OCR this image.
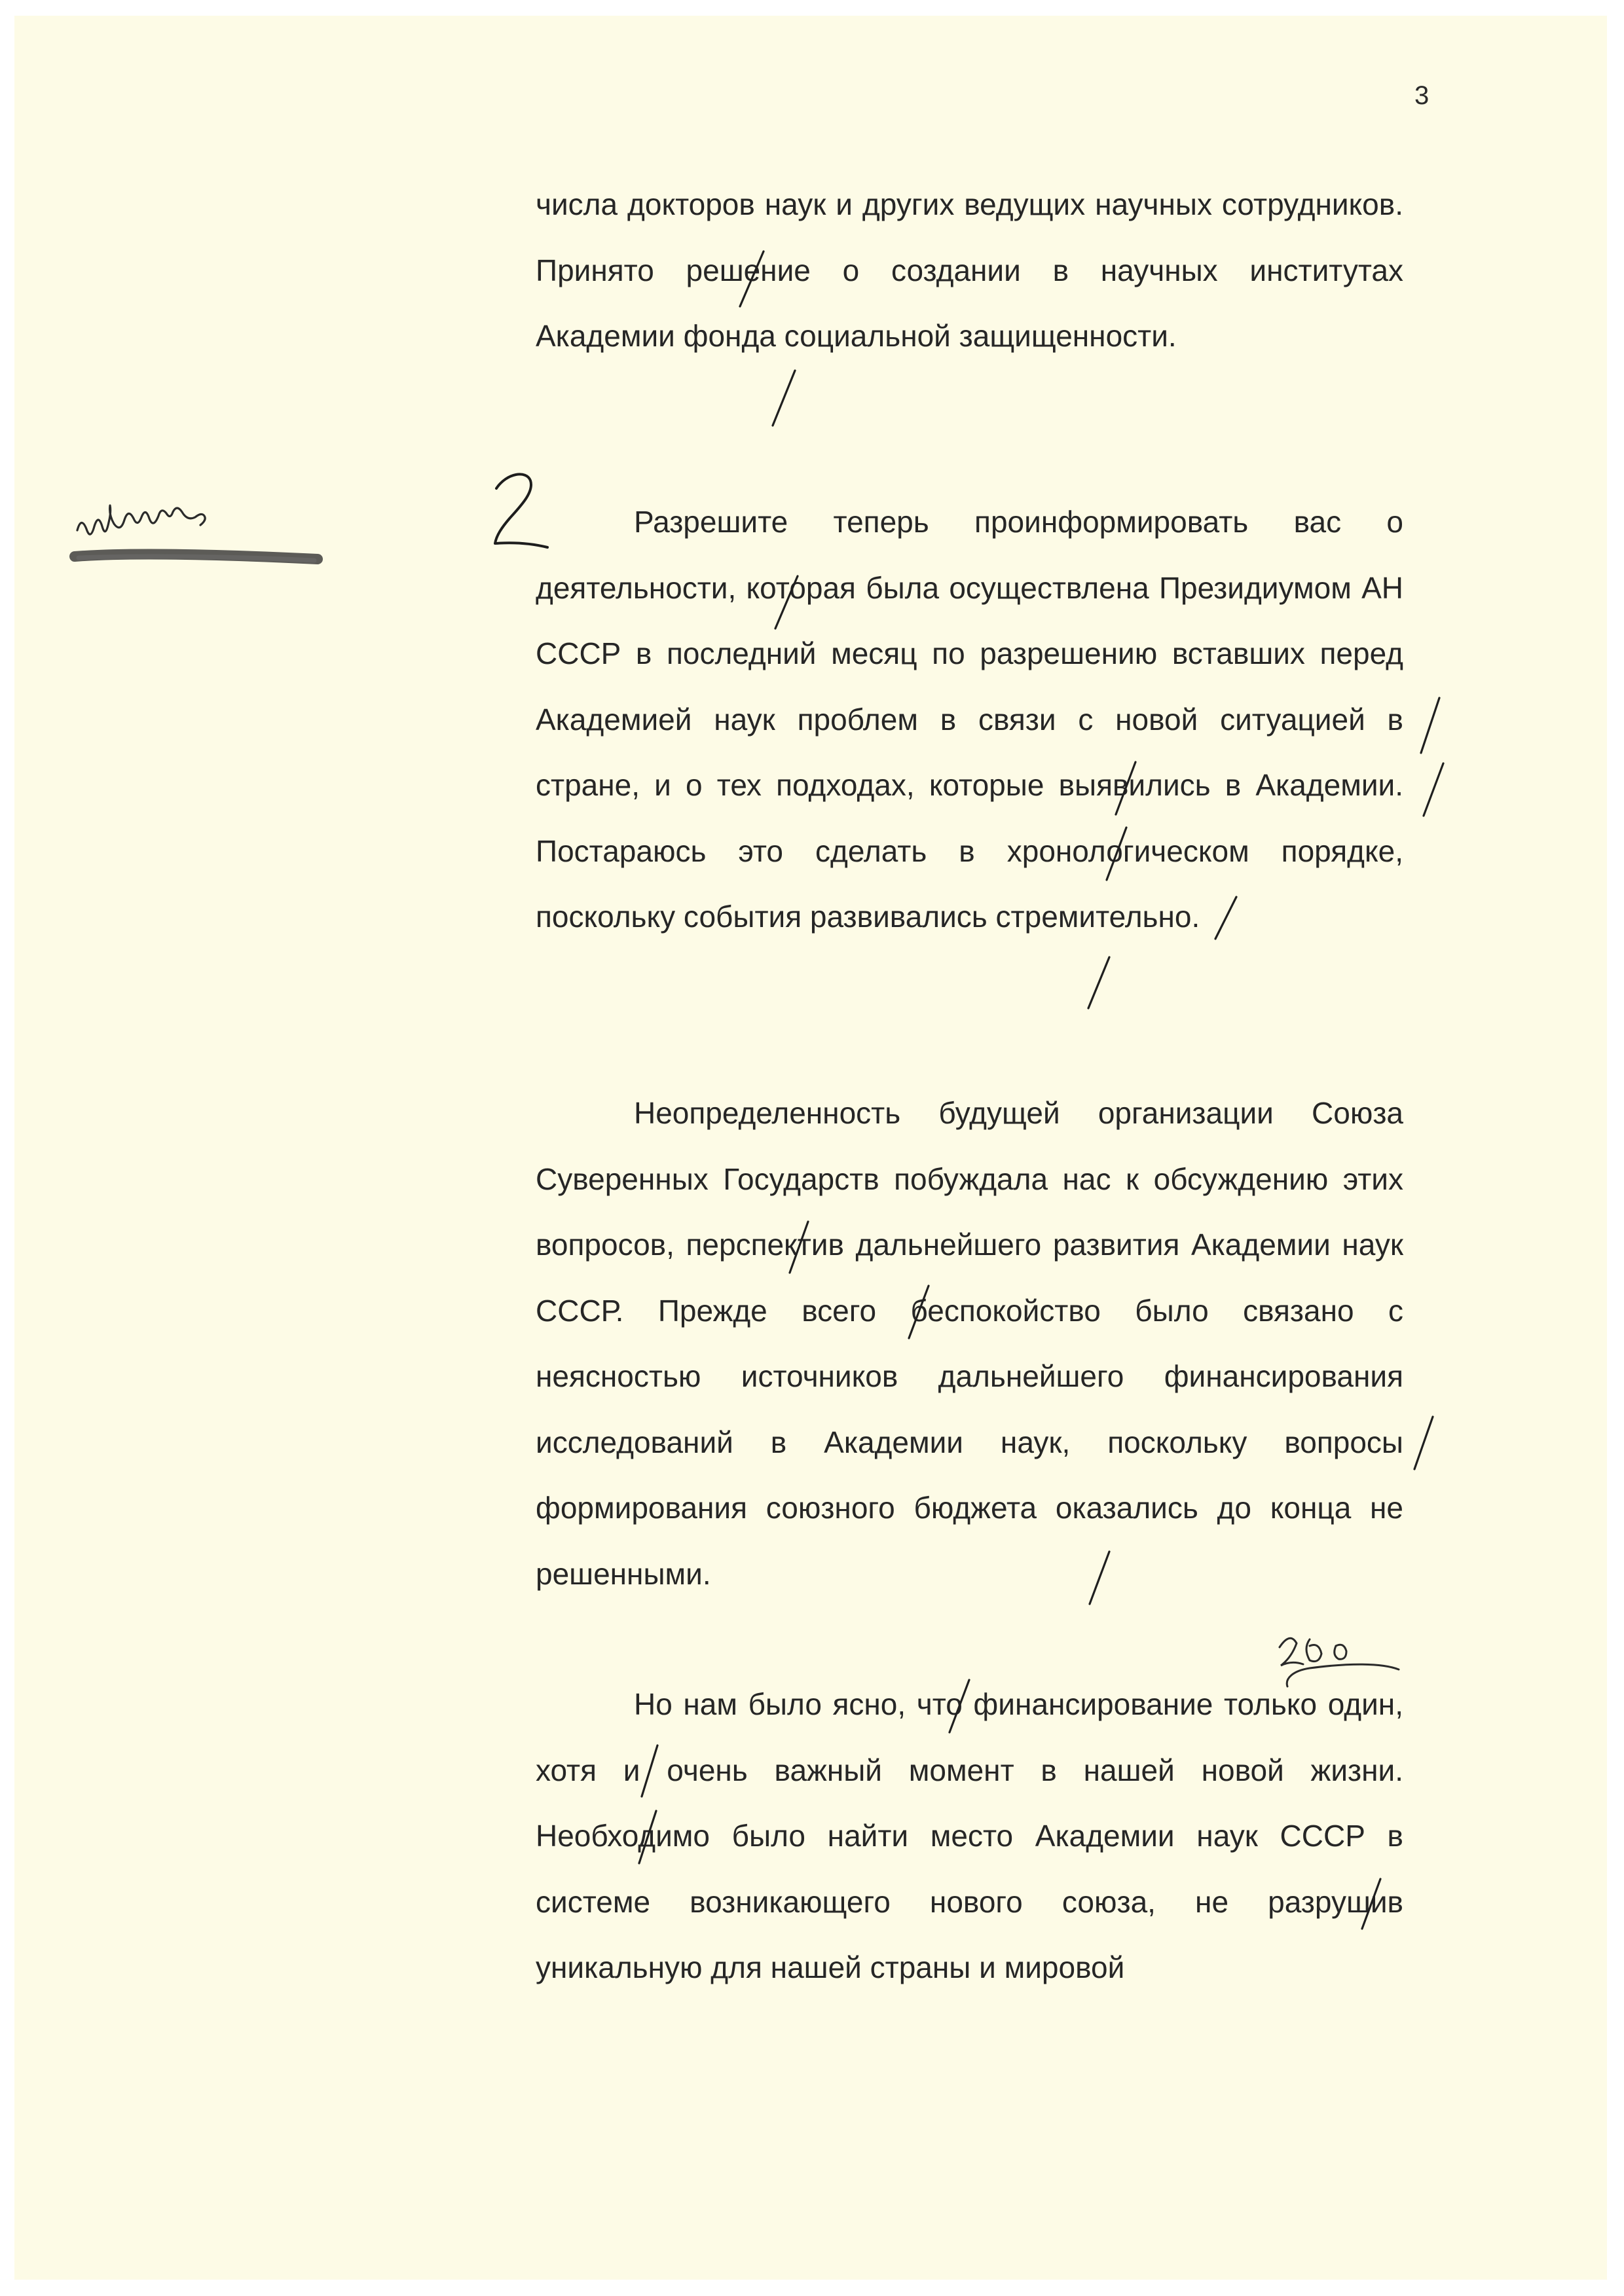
3

числа докторов наук и других ведущих научных сотрудников. Принято решение о создании в научных институтах Академии фонда социальной защищенности.

Разрешите теперь проинформировать вас о деятельности, которая была осуществлена Президиумом АН СССР в последний месяц по разрешению вставших перед Академией наук проблем в связи с новой ситуацией в стране, и о тех подходах, которые выявились в Академии. Постараюсь это сделать в хронологическом порядке, поскольку события развивались стремительно.

Неопределенность будущей организации Союза Суверенных Государств побуждала нас к обсуждению этих вопросов, перспектив дальнейшего развития Академии наук СССР. Прежде всего беспокойство было связано с неясностью источников дальнейшего финансирования исследований в Академии наук, поскольку вопросы формирования союзного бюджета оказались до конца не решенными.

Но нам было ясно, что финансирование только один, хотя и очень важный момент в нашей новой жизни. Необходимо было найти место Академии наук СССР в системе возникающего нового союза, не разрушив уникальную для нашей страны и мировой
